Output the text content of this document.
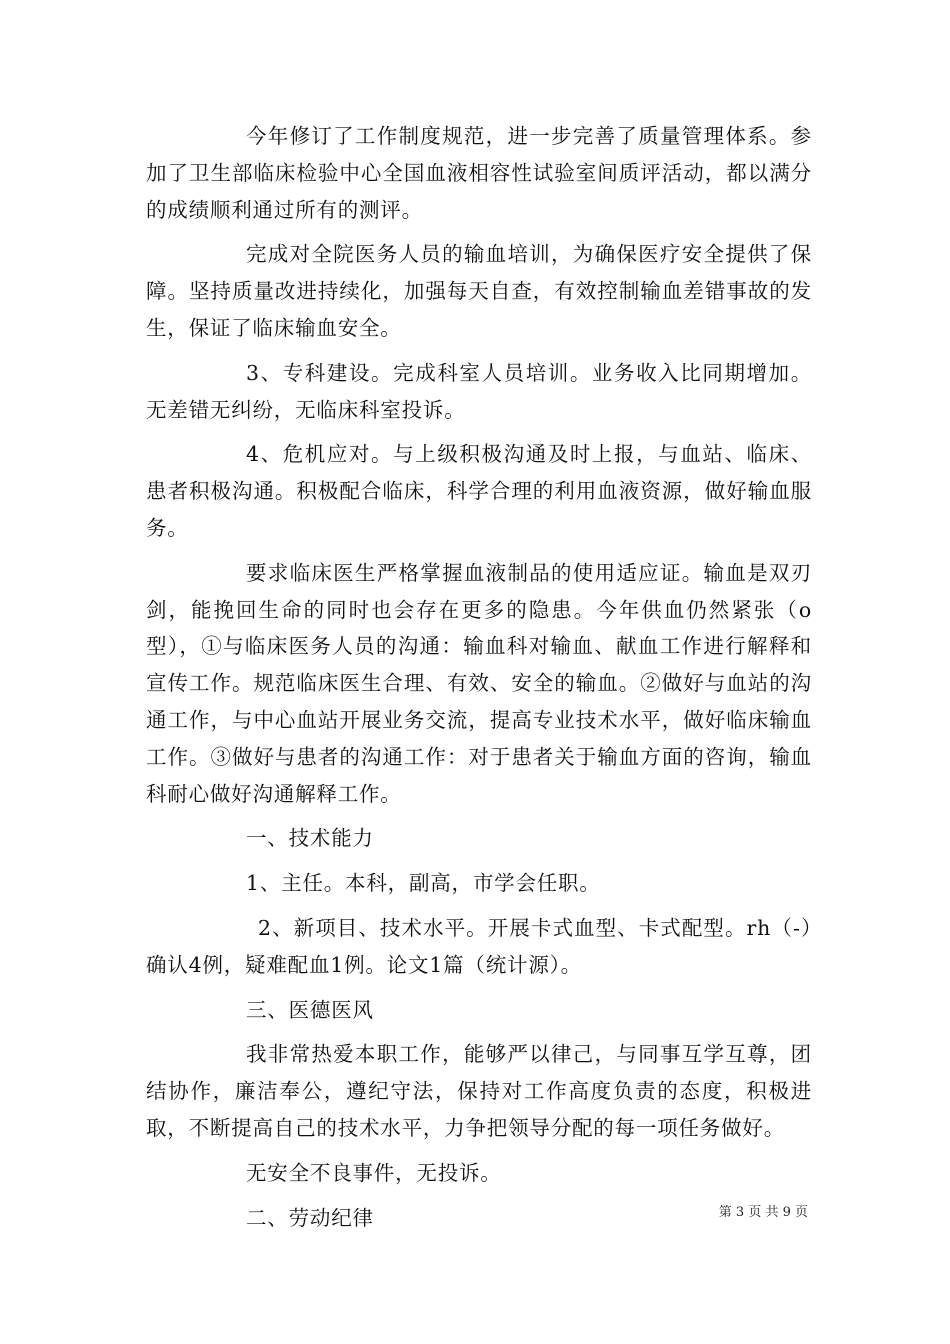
今年修订了工作制度规范，进一步完善了质量管理体系。参加了卫生部临床检验中心全国血液相容性试验室间质评活动，都以满分的成绩顺利通过所有的测评。

完成对全院医务人员的输血培训，为确保医疗安全提供了保障。坚持质量改进持续化，加强每天自查，有效控制输血差错事故的发生，保证了临床输血安全。

3、专科建设。完成科室人员培训。业务收入比同期增加。无差错无纠纷，无临床科室投诉。

4、危机应对。与上级积极沟通及时上报，与血站、临床、患者积极沟通。积极配合临床，科学合理的利用血液资源，做好输血服务。

要求临床医生严格掌握血液制品的使用适应证。输血是双刃剑，能挽回生命的同时也会存在更多的隐患。今年供血仍然紧张（o型），①与临床医务人员的沟通：输血科对输血、献血工作进行解释和宣传工作。规范临床医生合理、有效、安全的输血。②做好与血站的沟通工作，与中心血站开展业务交流，提高专业技术水平，做好临床输血工作。③做好与患者的沟通工作：对于患者关于输血方面的咨询，输血科耐心做好沟通解释工作。

一、技术能力

1、主任。本科，副高，市学会任职。

2、新项目、技术水平。开展卡式血型、卡式配型。rh（-）确认4例，疑难配血1例。论文1篇（统计源）。

三、医德医风

我非常热爱本职工作，能够严以律己，与同事互学互尊，团结协作，廉洁奉公，遵纪守法，保持对工作高度负责的态度，积极进取，不断提高自己的技术水平，力争把领导分配的每一项任务做好。

无安全不良事件，无投诉。

二、劳动纪律	第 3 页 共 9 页
